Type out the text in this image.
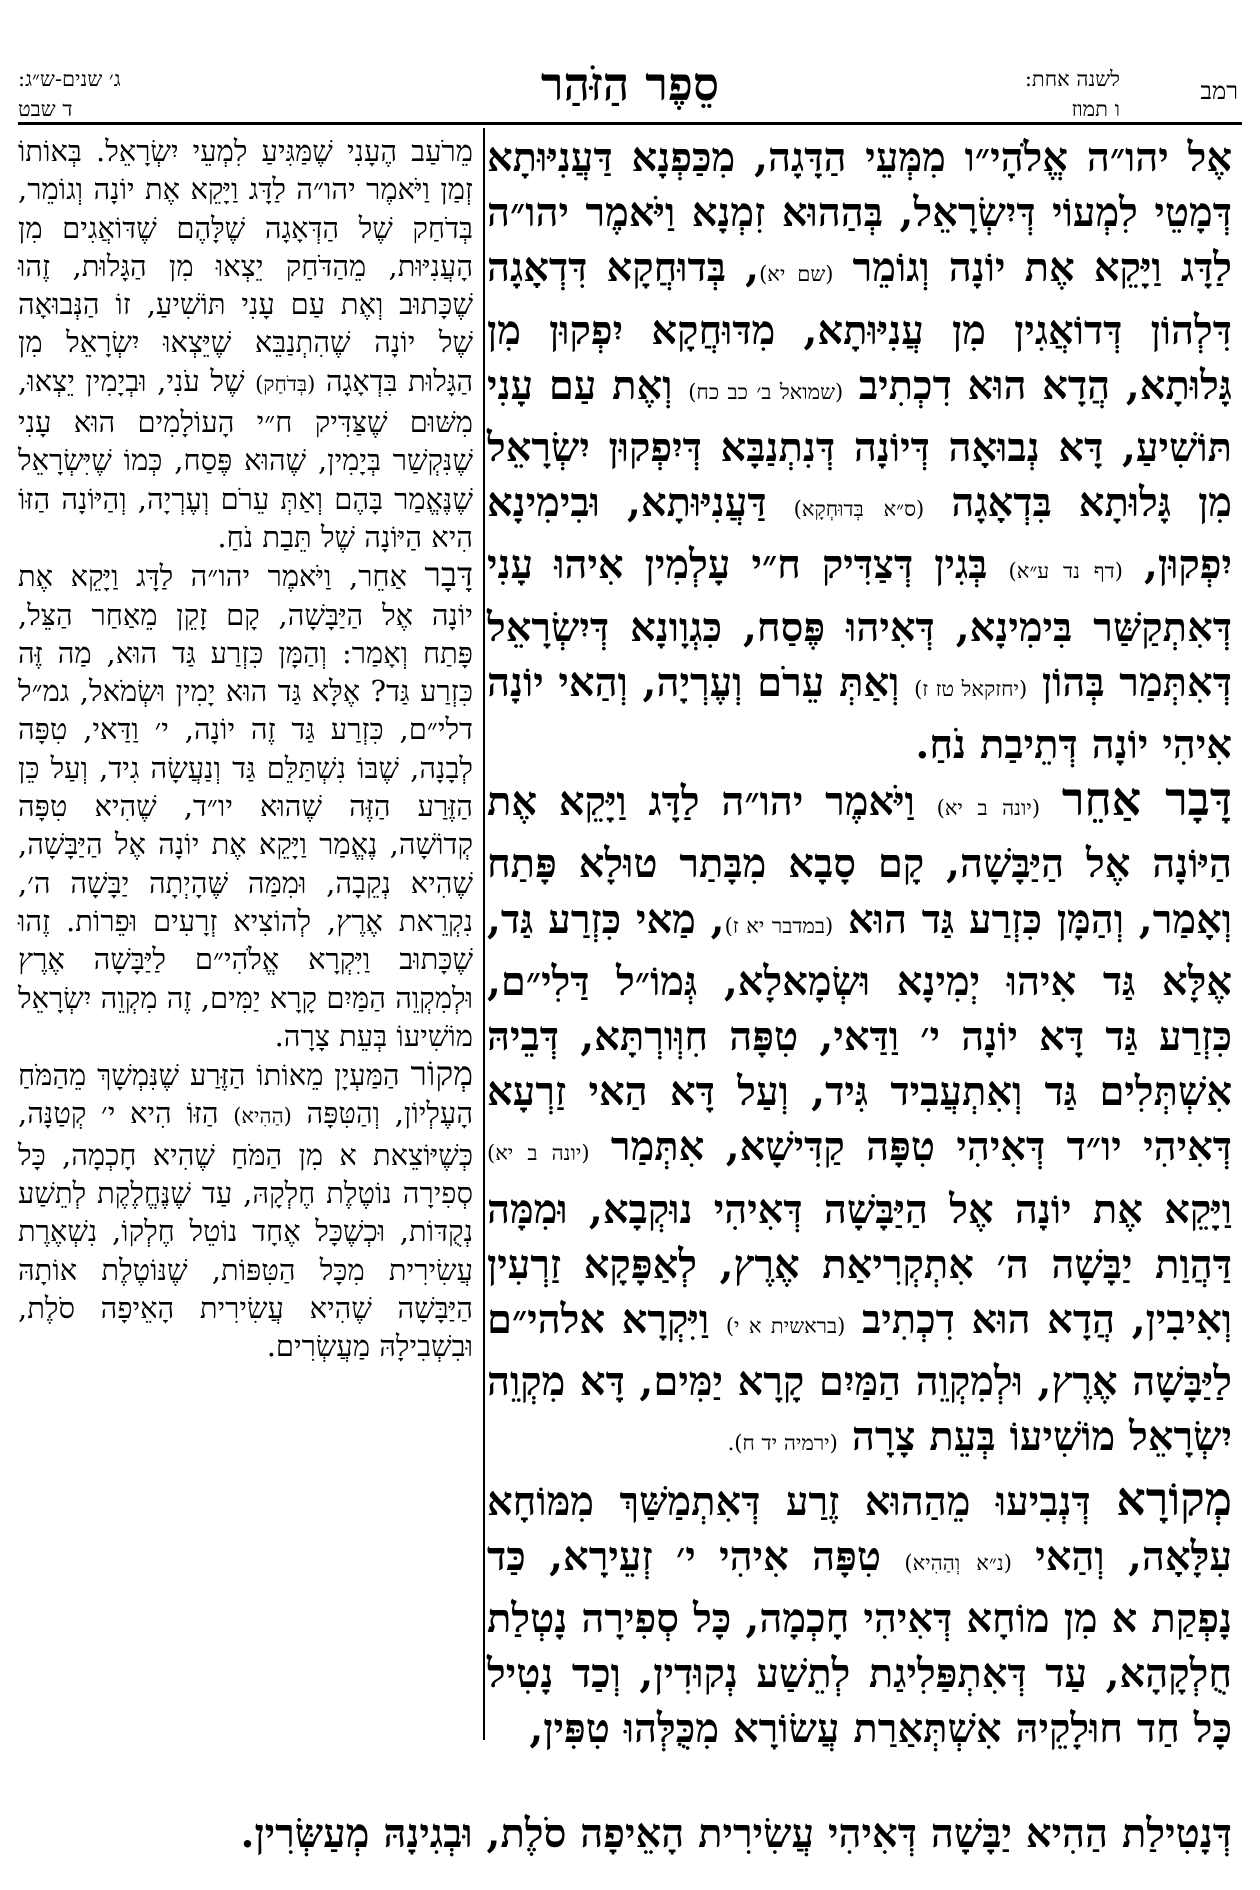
רמב
לשנה אחת:
ו תמוז
סֵפֶר הַזֹּהַר
ג׳ שנים-ש״ג:
ד שבט

אֶל יהו״ה אֱלֹהָי״ו מִמְּעֵי הַדָּגָה, מִכַּפְנָא דַּעֲנִיּוּתָא דְּמָטֵי לִמְעוֹי דְּיִשְׂרָאֵל, בְּהַהוּא זִמְנָא וַיֹּאמֶר יהו״ה לַדָּג וַיָּקֵא אֶת יוֹנָה וְגוֹמֵר (שם יא), בְּדוּחֲקָא דִּדְאָגָה דִּלְהוֹן דְּדוֹאֲגִין מִן עֲנִיּוּתָא, מִדּוּחֲקָא יִפְקוּן מִן גָּלוּתָא, הֲדָא הוּא דִכְתִיב (שמואל ב׳ כב כח) וְאֶת עַם עָנִי תּוֹשִׁיעַ, דָּא נְבוּאָה דְּיוֹנָה דְּנִתְנַבָּא דְּיִפְקוּן יִשְׂרָאֵל מִן גָּלוּתָא בִּדְאָגָה (ס״א בְּדוּחְקָא) דַּעֲנִיּוּתָא, וּבִימִינָא יִפְקוּן, (דף נד ע״א) בְּגִין דְּצַדִּיק ח״י עָלְמִין אִיהוּ עָנִי דְּאִתְקַשַּׁר בִּימִינָא, דְּאִיהוּ פֶּסַח, כִּגְוָונָא דְּיִשְׂרָאֵל דְּאִתְּמַר בְּהוֹן (יחזקאל טז ז) וְאַתְּ עֵרֹם וְעֶרְיָה, וְהַאי יוֹנָה אִיהִי יוֹנָה דְּתֵיבַת נֹחַ.

דָּבָר אַחֵר (יונה ב יא) וַיֹּאמֶר יהו״ה לַדָּג וַיָּקֵא אֶת הַיּוֹנָה אֶל הַיַּבָּשָׁה, קָם סָבָא מִבָּתַר טוּלָא פָּתַח וְאָמַר, וְהַמָּן כִּזְרַע גַּד הוּא (במדבר יא ז), מַאי כִּזְרַע גַּד, אֶלָּא גַּד אִיהוּ יְמִינָא וּשְׂמָאלָא, גְּמוֹ״ל דַּלִי״ם, כִּזְרַע גַּד דָּא יוֹנָה י׳ וַדַּאי, טִפָּה חִוְּורְתָּא, דְּבֵיהּ אִשְׁתְּלִים גַּד וְאִתְעֲבִיד גִּיד, וְעַל דָּא הַאי זַרְעָא דְּאִיהִי יו״ד דְּאִיהִי טִפָּה קַדִּישָׁא, אִתְּמַר (יונה ב יא) וַיָּקֵא אֶת יוֹנָה אֶל הַיַּבָּשָׁה דְּאִיהִי נוּקְבָא, וּמִמָּה דַּהֲוַת יַבָּשָׁה ה׳ אִתְקְרִיאַת אֶרֶץ, לְאַפָּקָא זַרְעִין וְאִיבִין, הֲדָא הוּא דִכְתִיב (בראשית א י) וַיִּקְרָא אלהי״ם לַיַּבָּשָׁה אֶרֶץ, וּלְמִקְוֵה הַמַּיִם קָרָא יַמִּים, דָּא מִקְוֵה יִשְׂרָאֵל מוֹשִׁיעוֹ בְּעֵת צָרָה (ירמיה יד ח).

מְקוֹרָא דְּנְבִיעוּ מֵהַהוּא זֶרַע דְּאִתְמַשַּׁךְ מִמּוֹחָא עִלָּאָה, וְהַאי (נ״א וְהַהִיא) טִפָּה אִיהִי י׳ זְעֵירָא, כַּד נָפְקַת א מִן מוֹחָא דְּאִיהִי חָכְמָה, כָּל סְפִירָה נָטְלַת חֻלְקָהָא, עַד דְּאִתְפַּלִיגַת לְתֵשַׁע נְקוּדִין, וְכַד נָטִיל כָּל חַד חוּלָקֵיהּ אִשְׁתְּאַרַת עֲשׂוֹרָא מִכֻּלְּהוּ טִפִּין,

מֵרֹעַב הֶעָנִי שֶׁמַּגִּיעַ לִמְעֵי יִשְׂרָאֵל. בְּאוֹתוֹ זְמַן וַיֹּאמֶר יהו״ה לַדָּג וַיָּקֵא אֶת יוֹנָה וְגוֹמֵר, בְּדֹחַק שֶׁל הַדְּאָגָה שֶׁלָּהֶם שֶׁדּוֹאֲגִים מִן הָעֲנִיּוּת, מֵהַדֹּחַק יֵצְאוּ מִן הַגָּלוּת, זֶהוּ שֶׁכָּתוּב וְאֶת עַם עָנִי תּוֹשִׁיעַ, זוֹ הַנְּבוּאָה שֶׁל יוֹנָה שֶׁהִתְנַבֵּא שֶׁיֵּצְאוּ יִשְׂרָאֵל מִן הַגָּלוּת בִּדְאָגָה (בְּדֹחַק) שֶׁל עֹנִי, וּבְיָמִין יֵצְאוּ, מִשּׁוּם שֶׁצַּדִּיק ח״י הָעוֹלָמִים הוּא עָנִי שֶׁנִּקְשַׁר בְּיָמִין, שֶׁהוּא פֶּסַח, כְּמוֹ שֶׁיִּשְׂרָאֵל שֶׁנֶּאֱמַר בָּהֶם וְאַתְּ עֵרֹם וְעֶרְיָה, וְהַיּוֹנָה הַזּוֹ הִיא הַיּוֹנָה שֶׁל תֵּבַת נֹחַ.

דָּבָר אַחֵר, וַיֹּאמֶר יהו״ה לַדָּג וַיָּקֵא אֶת יוֹנָה אֶל הַיַּבָּשָׁה, קָם זָקֵן מֵאַחַר הַצֵּל, פָּתַח וְאָמַר: וְהַמָּן כִּזְרַע גַּד הוּא, מַה זֶּה כִּזְרַע גַּד? אֶלָּא גַּד הוּא יָמִין וּשְׂמֹאל, גמ״ל דלי״ם, כִּזְרַע גַּד זֶה יוֹנָה, י׳ וַדַּאי, טִפָּה לְבָנָה, שֶׁבּוֹ נִשְׁתַּלֵּם גַּד וְנַעֲשָׂה גִיד, וְעַל כֵּן הַזֶּרַע הַזֶּה שֶׁהוּא יו״ד, שֶׁהִיא טִפָּה קְדוֹשָׁה, נֶאֱמַר וַיָּקֵא אֶת יוֹנָה אֶל הַיַּבָּשָׁה, שֶׁהִיא נְקֵבָה, וּמִמַּה שֶּׁהָיְתָה יַבָּשָׁה ה׳, נִקְרֵאת אֶרֶץ, לְהוֹצִיא זְרָעִים וּפֵרוֹת. זֶהוּ שֶׁכָּתוּב וַיִּקְרָא אֱלֹהִי״ם לַיַּבָּשָׁה אֶרֶץ וּלְמִקְוֵה הַמַּיִם קָרָא יַמִּים, זֶה מִקְוֵה יִשְׂרָאֵל מוֹשִׁיעוֹ בְּעֵת צָרָה.

מְקוֹר הַמַּעְיָן מֵאוֹתוֹ הַזֶּרַע שֶׁנִּמְשָׁךְ מֵהַמֹּחַ הָעֶלְיוֹן, וְהַטִּפָּה (הַהִיא) הַזּוֹ הִיא י׳ קְטַנָּה, כְּשֶׁיּוֹצֵאת א מִן הַמֹּחַ שֶׁהִיא חָכְמָה, כָּל סְפִירָה נוֹטֶלֶת חֶלְקָהּ, עַד שֶׁנֶּחֱלֶקֶת לְתֵשַׁע נְקֻדּוֹת, וּכְשֶׁכָּל אֶחָד נוֹטֵל חֶלְקוֹ, נִשְׁאֶרֶת עֲשִׂירִית מִכָּל הַטִּפּוֹת, שֶׁנּוֹטֶלֶת אוֹתָהּ הַיַּבָּשָׁה שֶׁהִיא עֲשִׂירִית הָאֵיפָה סֹלֶת, וּבִשְׁבִילָהּ מַעֲשְׂרִים.

דְּנָטִילַת הַהִיא יַבָּשָׁה דְּאִיהִי עֲשִׂירִית הָאֵיפָה סֹלֶת, וּבְגִינָהּ מְעַשְּׂרִין.
